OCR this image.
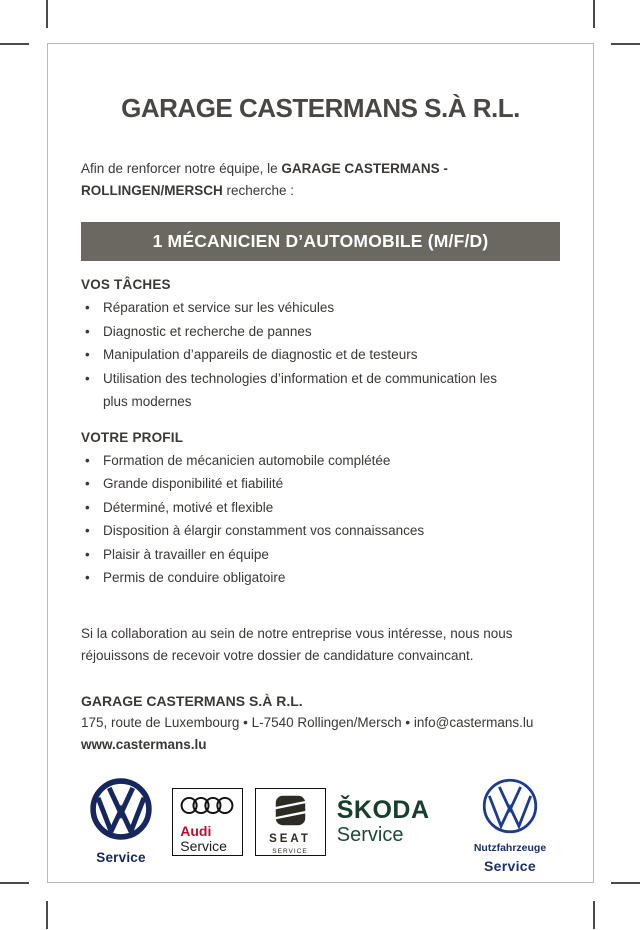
GARAGE CASTERMANS S.À R.L.
Afin de renforcer notre équipe, le GARAGE CASTERMANS -
ROLLINGEN/MERSCH recherche :
1 MÉCANICIEN D’AUTOMOBILE (M/F/D)
VOS TÂCHES
• Réparation et service sur les véhicules
• Diagnostic et recherche de pannes
• Manipulation d’appareils de diagnostic et de testeurs
• Utilisation des technologies d’information et de communication les plus modernes
VOTRE PROFIL
• Formation de mécanicien automobile complétée
• Grande disponibilité et fiabilité
• Déterminé, motivé et flexible
• Disposition à élargir constamment vos connaissances
• Plaisir à travailler en équipe
• Permis de conduire obligatoire
Si la collaboration au sein de notre entreprise vous intéresse, nous nous
réjouissons de recevoir votre dossier de candidature convaincant.
GARAGE CASTERMANS S.À R.L.
175, route de Luxembourg • L-7540 Rollingen/Mersch • info@castermans.lu
www.castermans.lu
Service
Audi
Service	SEAT
SERVICE
ŠKODA
Service
Nutzfahrzeuge
Service
